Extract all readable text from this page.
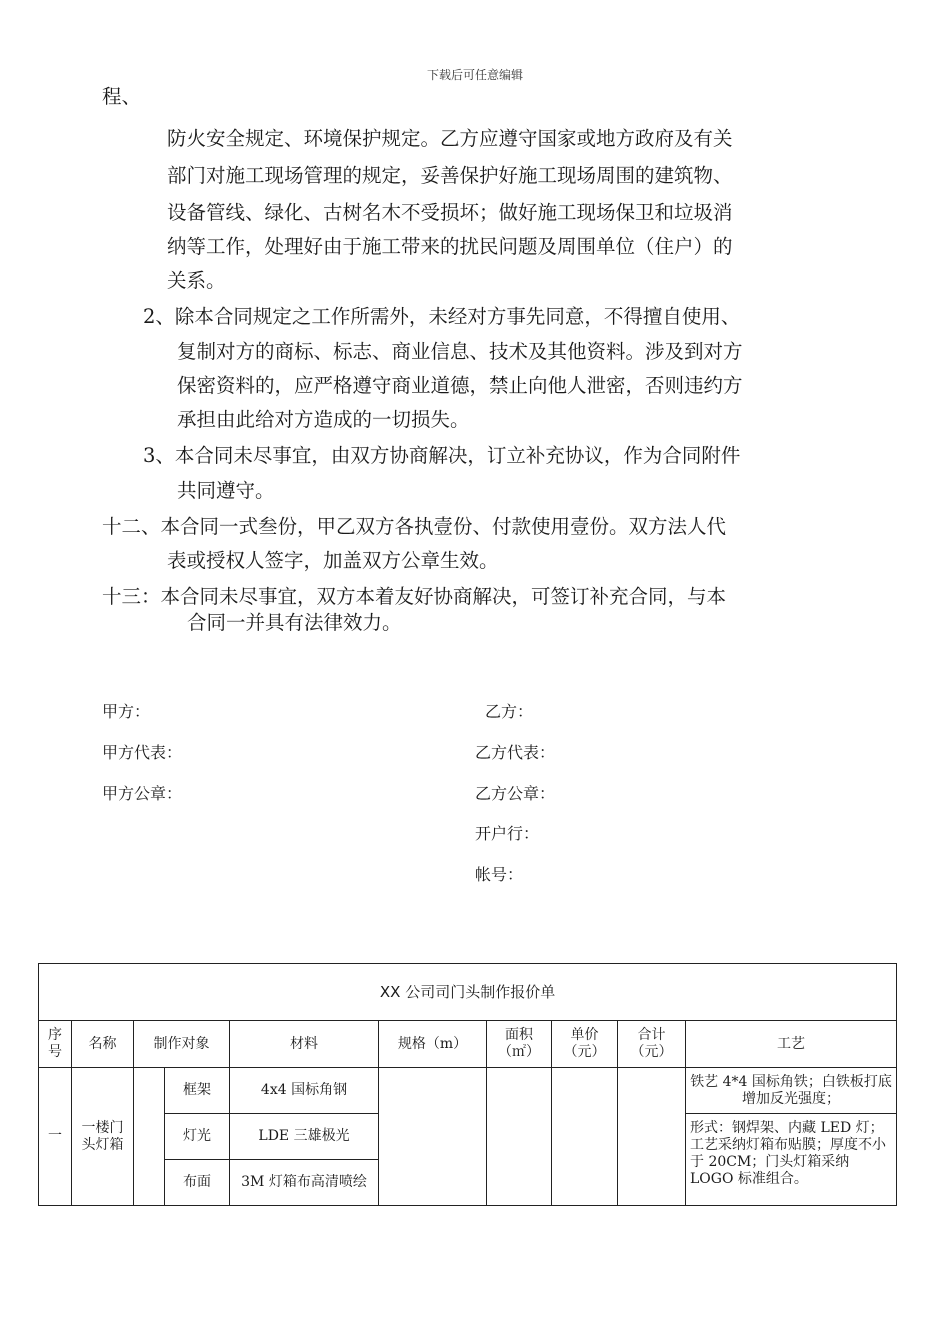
下载后可任意编辑
程、
防火安全规定、环境保护规定。乙方应遵守国家或地方政府及有关
部门对施工现场管理的规定，妥善保护好施工现场周围的建筑物、
设备管线、绿化、古树名木不受损坏；做好施工现场保卫和垃圾消
纳等工作，处理好由于施工带来的扰民问题及周围单位（住户）的
关系。
2、除本合同规定之工作所需外，未经对方事先同意，不得擅自使用、
复制对方的商标、标志、商业信息、技术及其他资料。涉及到对方
保密资料的，应严格遵守商业道德，禁止向他人泄密，否则违约方
承担由此给对方造成的一切损失。
3、本合同未尽事宜，由双方协商解决，订立补充协议，作为合同附件
共同遵守。
十二、本合同一式叁份，甲乙双方各执壹份、付款使用壹份。双方法人代
表或授权人签字，加盖双方公章生效。
十三：本合同未尽事宜，双方本着友好协商解决，可签订补充合同，与本
合同一并具有法律效力。
甲方：
甲方代表：
甲方公章：
乙方：
乙方代表：
乙方公章：
开户行：
帐号：
XX 公司司门头制作报价单									
序号	名称	制作对象		材料	规格（m）	面积（㎡）	单价（元）	合计（元）	工艺
一	一楼门头灯箱		框架	4x4 国标角钢					铁艺 4*4 国标角铁；白铁板打底增加反光强度；
			灯光	LDE 三雄极光					形式：钢焊架、内藏 LED 灯；工艺采纳灯箱布贴膜；厚度不小于 20CM；门头灯箱采纳 LOGO 标准组合。
			布面	3M 灯箱布高清喷绘					
